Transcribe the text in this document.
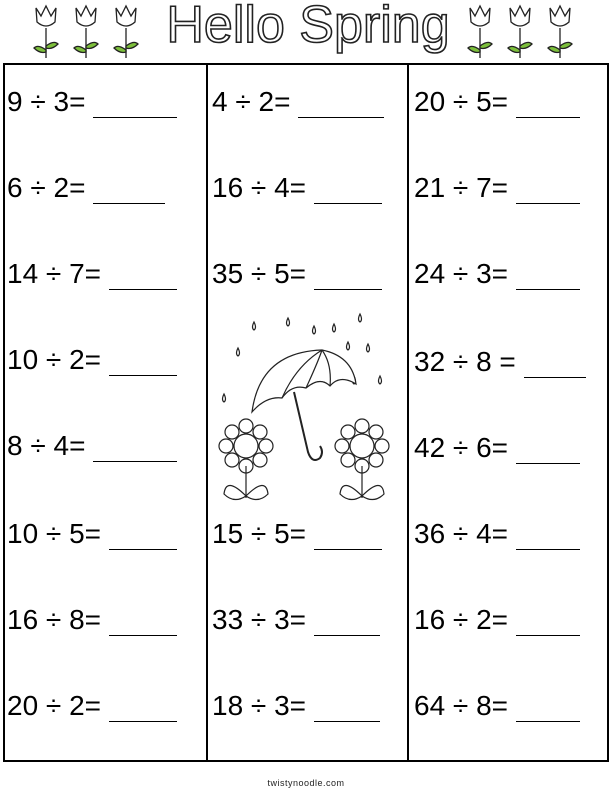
Hello Spring
9 ÷ 3=
6 ÷ 2=
14 ÷ 7=
10 ÷ 2=
8 ÷ 4=
10 ÷ 5=
16 ÷ 8=
20 ÷ 2=
4 ÷ 2=
16 ÷ 4=
35 ÷ 5=
15 ÷ 5=
33 ÷ 3=
18 ÷ 3=
20 ÷ 5=
21 ÷ 7=
24 ÷ 3=
32 ÷ 8 =
42 ÷ 6=
36 ÷ 4=
16 ÷ 2=
64 ÷ 8=
twistynoodle.com
